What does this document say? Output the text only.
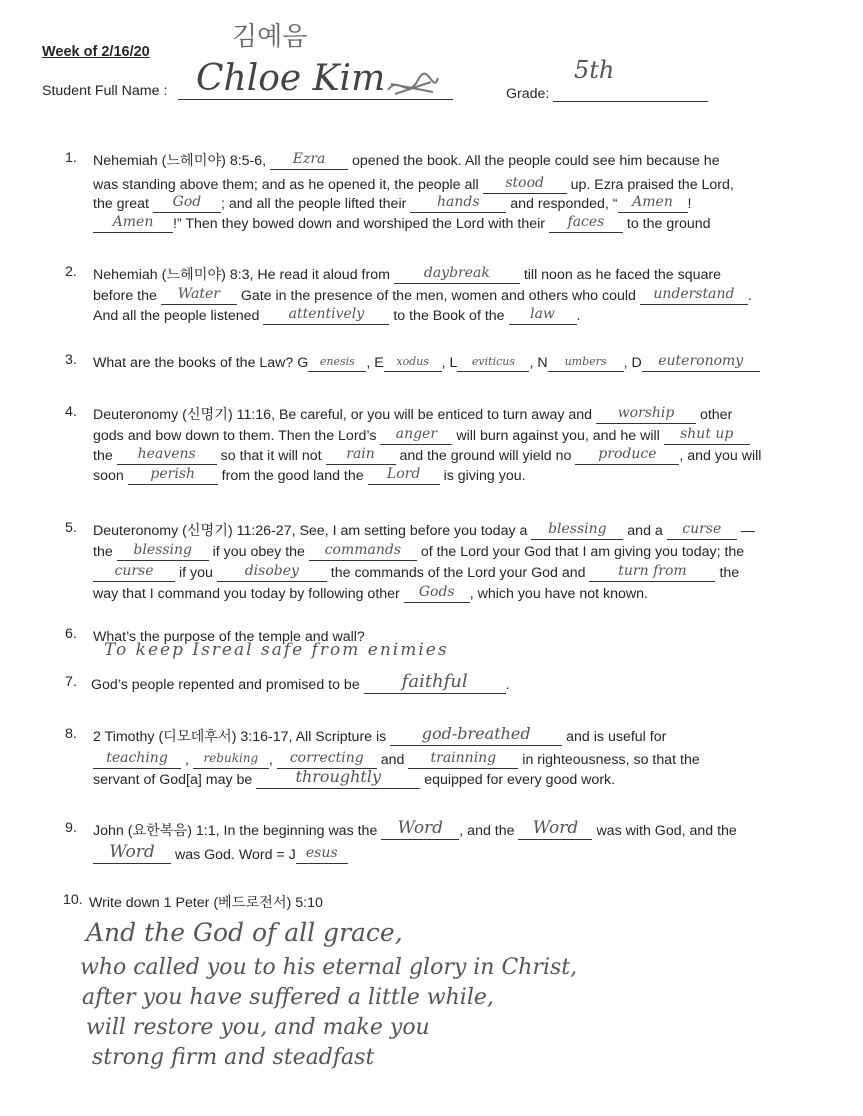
Week of 2/16/20	김예음
Student Full Name : Chloe Kim	Grade:
5th
1. Nehemiah (느헤미야) 8:5-6, Ezra opened the book. All the people could see him because he

was standing above them; and as he opened it, the people all stood up. Ezra praised the Lord,

the great God ; and all the people lifted their hands and responded, “ Amen !

Amen !” Then they bowed down and worshiped the Lord with their faces to the ground

2. Nehemiah (느헤미야) 8:3, He read it aloud from daybreak till noon as he faced the square

before the Water Gate in the presence of the men, women and others who could understand .

And all the people listened attentively to the Book of the law .

3. What are the books of the Law? G enesis , E xodus , L eviticus , N umbers , D euteronomy

4. Deuteronomy (신명기) 11:16, Be careful, or you will be enticed to turn away and worship other

gods and bow down to them. Then the Lord’s anger will burn against you, and he will shut up

the heavens so that it will not rain and the ground will yield no produce , and you will

soon perish from the good land the Lord is giving you.

5. Deuteronomy (신명기) 11:26-27, See, I am setting before you today a blessing and a curse —

the blessing if you obey the commands of the Lord your God that I am giving you today; the

curse if you disobey the commands of the Lord your God and turn from the

way that I command you today by following other Gods , which you have not known.

6. What’s the purpose of the temple and wall?

To keep Isreal safe from enimies
7. God’s people repented and promised to be faithful	.

8. 2 Timothy (디모데후서) 3:16-17, All Scripture is god-breathed	and is useful for

teaching , rebuking , correcting and trainning in righteousness, so that the

servant of God[a] may be	throughtly	equipped for every good work.

9. John (요한복음) 1:1, In the beginning was the Word , and the Word was with God, and the

Word was God. Word = J esus

10. Write down 1 Peter (베드로전서) 5:10

And the God of all grace,
who called you to his eternal glory in Christ,
after you have suffered a little while,
will restore you, and make you
strong firm and steadfast
